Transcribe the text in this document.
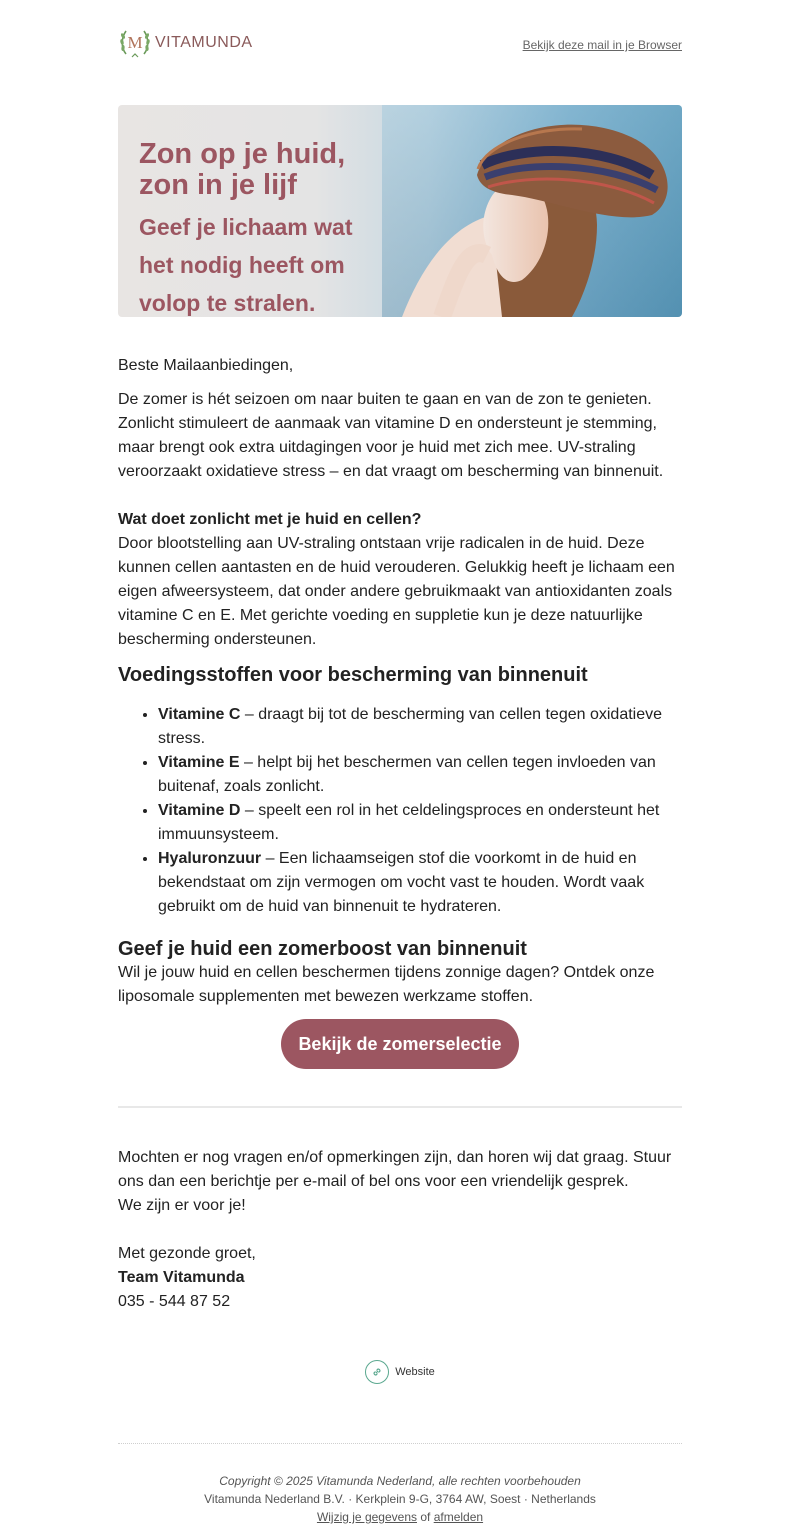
M VITAMUNDA	Bekijk deze mail in je Browser
Zon op je huid,
zon in je lijf
Geef je lichaam wat
het nodig heeft om
volop te stralen.

Beste Mailaanbiedingen,

De zomer is hét seizoen om naar buiten te gaan en van de zon te genieten. Zonlicht stimuleert de aanmaak van vitamine D en ondersteunt je stemming, maar brengt ook extra uitdagingen voor je huid met zich mee. UV-straling veroorzaakt oxidatieve stress – en dat vraagt om bescherming van binnenuit.

Wat doet zonlicht met je huid en cellen?

Door blootstelling aan UV-straling ontstaan vrije radicalen in de huid. Deze kunnen cellen aantasten en de huid verouderen. Gelukkig heeft je lichaam een eigen afweersysteem, dat onder andere gebruikmaakt van antioxidanten zoals vitamine C en E. Met gerichte voeding en suppletie kun je deze natuurlijke bescherming ondersteunen.

Voedingsstoffen voor bescherming van binnenuit
• Vitamine C – draagt bij tot de bescherming van cellen tegen oxidatieve stress.
• Vitamine E – helpt bij het beschermen van cellen tegen invloeden van buitenaf, zoals zonlicht.
• Vitamine D – speelt een rol in het celdelingsproces en ondersteunt het immuunsysteem.
• Hyaluronzuur – Een lichaamseigen stof die voorkomt in de huid en bekendstaat om zijn vermogen om vocht vast te houden. Wordt vaak gebruikt om de huid van binnenuit te hydrateren.
Geef je huid een zomerboost van binnenuit

Wil je jouw huid en cellen beschermen tijdens zonnige dagen? Ontdek onze liposomale supplementen met bewezen werkzame stoffen.

Bekijk de zomerselectie

Mochten er nog vragen en/of opmerkingen zijn, dan horen wij dat graag. Stuur ons dan een berichtje per e-mail of bel ons voor een vriendelijk gesprek.

We zijn er voor je!

Met gezonde groet,

Team Vitamunda

035 - 544 87 52

Website
Copyright © 2025 Vitamunda Nederland, alle rechten voorbehouden
Vitamunda Nederland B.V. · Kerkplein 9-G, 3764 AW, Soest · Netherlands
Wijzig je gegevens of afmelden
